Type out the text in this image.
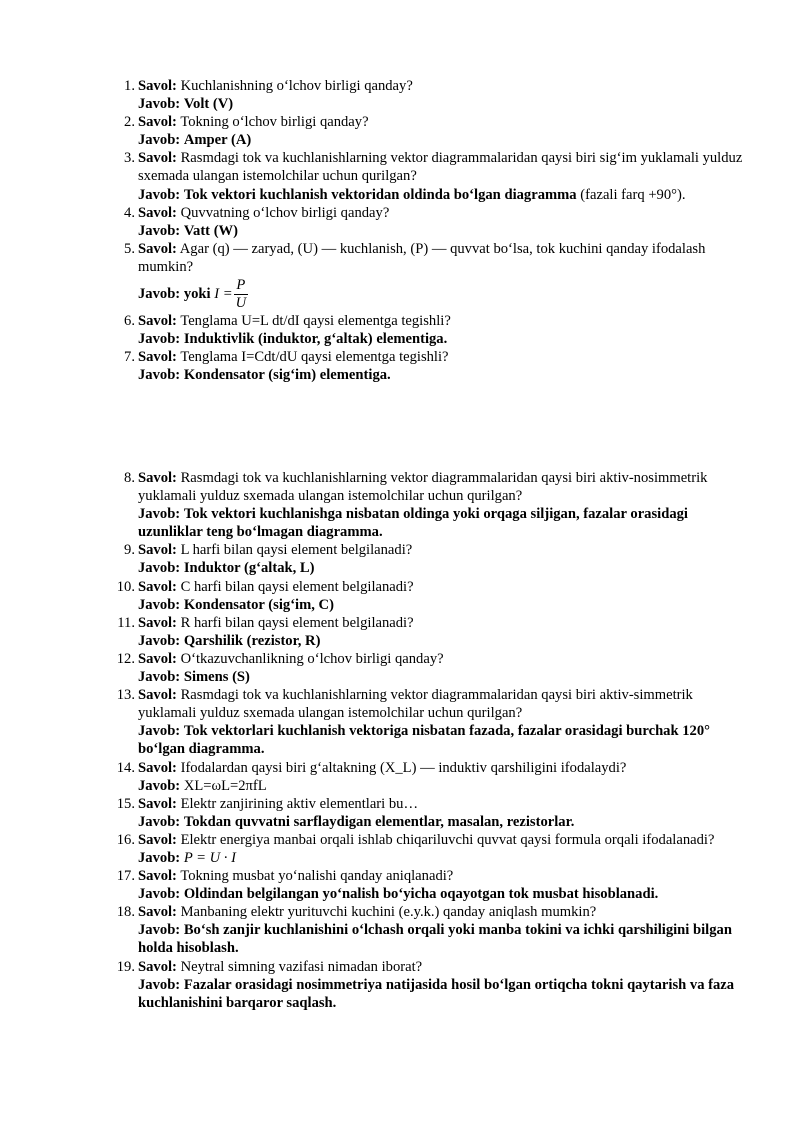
1. Savol: Kuchlanishning o‘lchov birligi qanday?
Javob: Volt (V)
2. Savol: Tokning o‘lchov birligi qanday?
Javob: Amper (A)
3. Savol: Rasmdagi tok va kuchlanishlarning vektor diagrammalaridan qaysi biri sig‘im yuklamali yulduz sxemada ulangan istemolchilar uchun qurilgan?
Javob: Tok vektori kuchlanish vektoridan oldinda bo‘lgan diagramma (fazali farq +90°).
4. Savol: Quvvatning o‘lchov birligi qanday?
Javob: Vatt (W)
5. Savol: Agar (q) — zaryad, (U) — kuchlanish, (P) — quvvat bo‘lsa, tok kuchini qanday ifodalash mumkin?
Javob: yoki $I = \frac{P}{U}$
6. Savol: Tenglama U=L dt/dI qaysi elementga tegishli?
Javob: Induktivlik (induktor, g‘altak) elementiga.
7. Savol: Tenglama I=Cdt/dU qaysi elementga tegishli?
Javob: Kondensator (sig‘im) elementiga.
8. Savol: Rasmdagi tok va kuchlanishlarning vektor diagrammalaridan qaysi biri aktiv-nosimmetrik yuklamali yulduz sxemada ulangan istemolchilar uchun qurilgan?
Javob: Tok vektori kuchlanishga nisbatan oldinga yoki orqaga siljigan, fazalar orasidagi uzunliklar teng bo‘lmagan diagramma.
9. Savol: L harfi bilan qaysi element belgilanadi?
Javob: Induktor (g‘altak, L)
10. Savol: C harfi bilan qaysi element belgilanadi?
Javob: Kondensator (sig‘im, C)
11. Savol: R harfi bilan qaysi element belgilanadi?
Javob: Qarshilik (rezistor, R)
12. Savol: O‘tkazuvchanlikning o‘lchov birligi qanday?
Javob: Simens (S)
13. Savol: Rasmdagi tok va kuchlanishlarning vektor diagrammalaridan qaysi biri aktiv-simmetrik yuklamali yulduz sxemada ulangan istemolchilar uchun qurilgan?
Javob: Tok vektorlari kuchlanish vektoriga nisbatan fazada, fazalar orasidagi burchak 120° bo‘lgan diagramma.
14. Savol: Ifodalardan qaysi biri g‘altakning (X_L) — induktiv qarshiligini ifodalaydi?
Javob: XL=ωL=2πfL
15. Savol: Elektr zanjirining aktiv elementlari bu…
Javob: Tokdan quvvatni sarflaydigan elementlar, masalan, rezistorlar.
16. Savol: Elektr energiya manbai orqali ishlab chiqariluvchi quvvat qaysi formula orqali ifodalanadi?
Javob: P = U · I
17. Savol: Tokning musbat yo‘nalishi qanday aniqlanadi?
Javob: Oldindan belgilangan yo‘nalish bo‘yicha oqayotgan tok musbat hisoblanadi.
18. Savol: Manbaning elektr yurituvchi kuchini (e.y.k.) qanday aniqlash mumkin?
Javob: Bo‘sh zanjir kuchlanishini o‘lchash orqali yoki manba tokini va ichki qarshiligini bilgan holda hisoblash.
19. Savol: Neytral simning vazifasi nimadan iborat?
Javob: Fazalar orasidagi nosimmetriya natijasida hosil bo‘lgan ortiqcha tokni qaytarish va faza kuchlanishini barqaror saqlash.
